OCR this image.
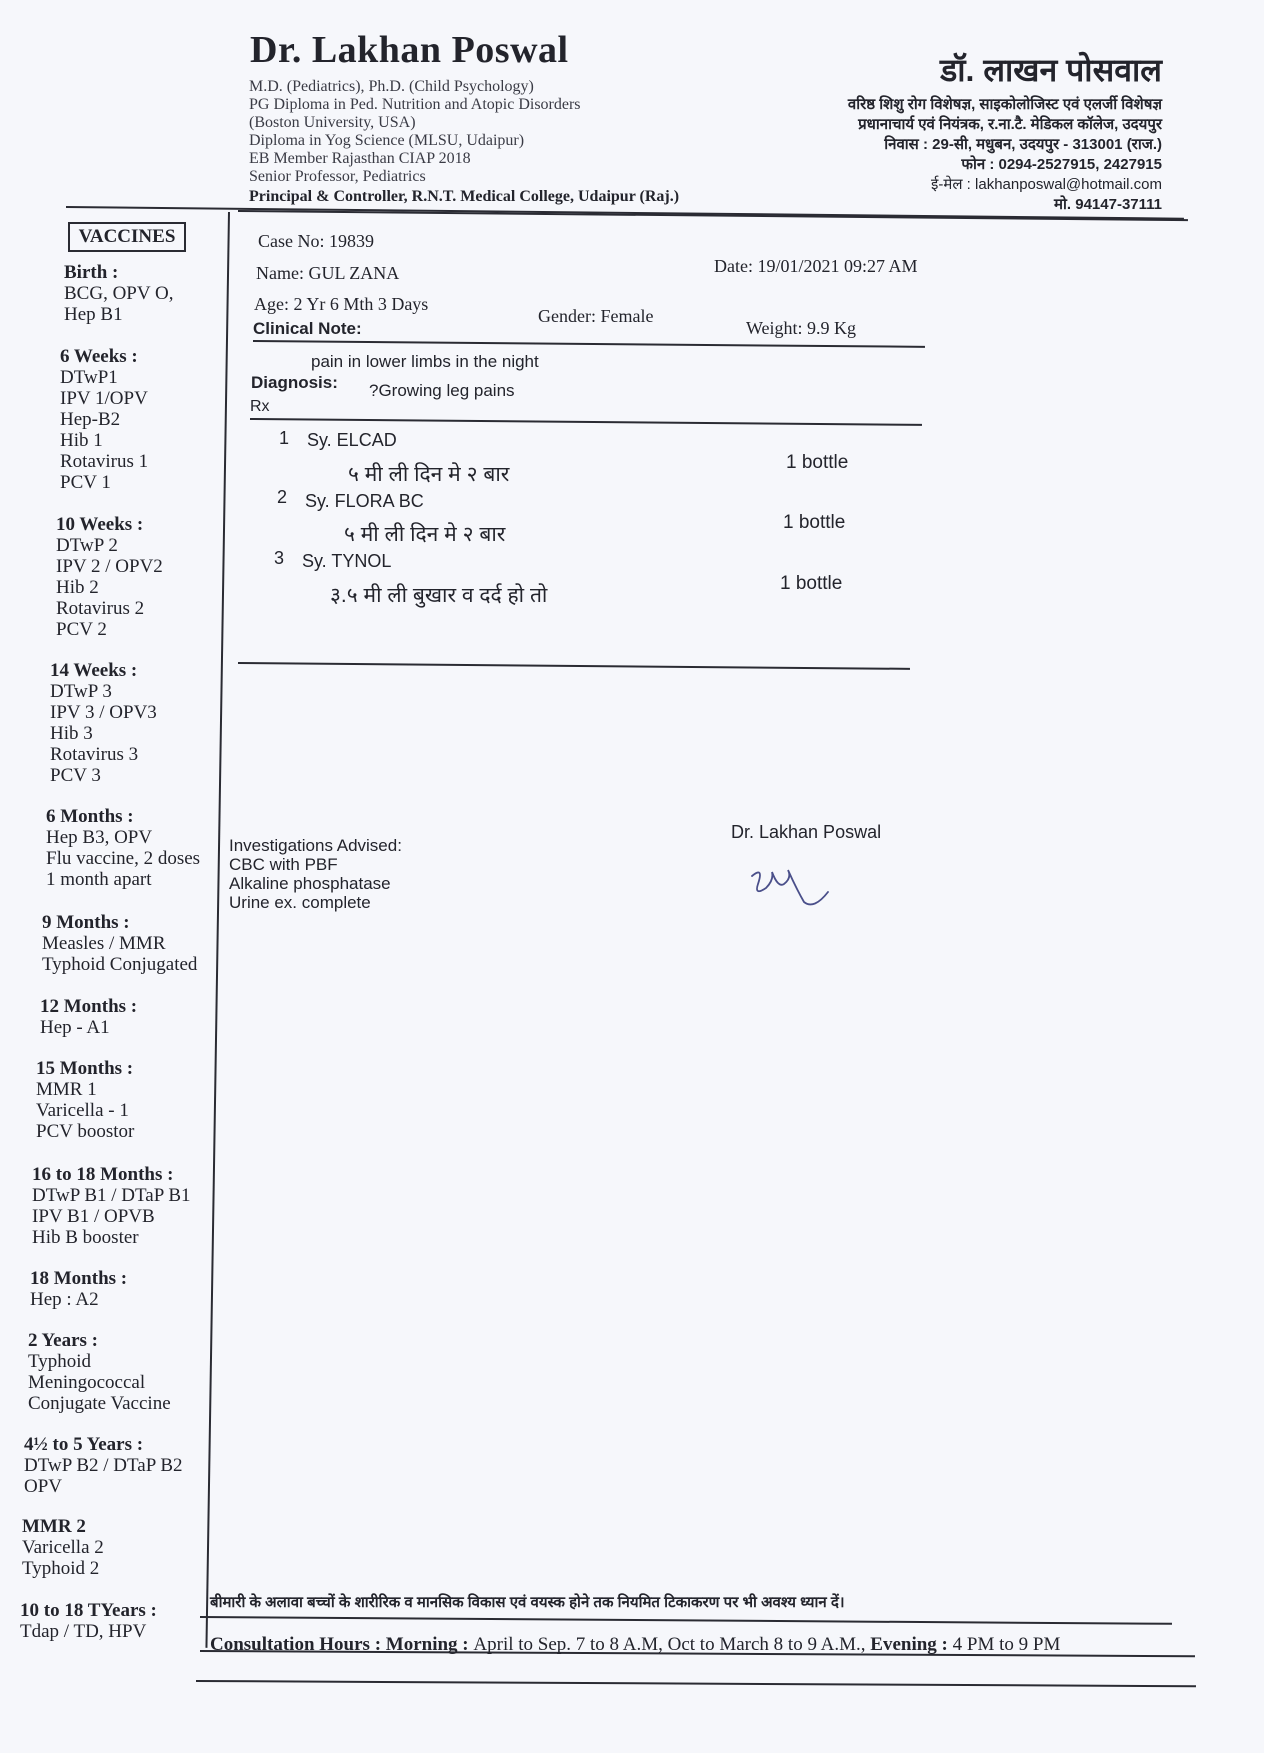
Dr. Lakhan Poswal
M.D. (Pediatrics), Ph.D. (Child Psychology)
PG Diploma in Ped. Nutrition and Atopic Disorders
(Boston University, USA)
Diploma in Yog Science (MLSU, Udaipur)
EB Member Rajasthan CIAP 2018
Senior Professor, Pediatrics
Principal & Controller, R.N.T. Medical College, Udaipur (Raj.)
डॉ. लाखन पोसवाल
वरिष्ठ शिशु रोग विशेषज्ञ, साइकोलोजिस्ट एवं एलर्जी विशेषज्ञ
प्रधानाचार्य एवं नियंत्रक, र.ना.टै. मेडिकल कॉलेज, उदयपुर
निवास : 29-सी, मधुबन, उदयपुर - 313001 (राज.)
फोन : 0294-2527915, 2427915
ई-मेल : lakhanposwal@hotmail.com
मो. 94147-37111
VACCINES
Birth :
BCG, OPV O,
Hep B1
6 Weeks :
DTwP1
IPV 1/OPV
Hep-B2
Hib 1
Rotavirus 1
PCV 1
10 Weeks :
DTwP 2
IPV 2 / OPV2
Hib 2
Rotavirus 2
PCV 2
14 Weeks :
DTwP 3
IPV 3 / OPV3
Hib 3
Rotavirus 3
PCV 3
6 Months :
Hep B3, OPV
Flu vaccine, 2 doses
1 month apart
9 Months :
Measles / MMR
Typhoid Conjugated
12 Months :
Hep - A1
15 Months :
MMR 1
Varicella - 1
PCV boostor
16 to 18 Months :
DTwP B1 / DTaP B1
IPV B1 / OPVB
Hib B booster
18 Months :
Hep : A2
2 Years :
Typhoid
Meningococcal
Conjugate Vaccine
4½ to 5 Years :
DTwP B2 / DTaP B2
OPV
MMR 2
Varicella 2
Typhoid 2
10 to 18 TYears :
Tdap / TD, HPV
Case No: 19839
Date: 19/01/2021 09:27 AM
Name: GUL ZANA
Age: 2 Yr 6 Mth 3 Days
Gender: Female
Weight: 9.9 Kg
Clinical Note:
pain in lower limbs in the night
Diagnosis: ?Growing leg pains
Rx
1 Sy. ELCAD
५ मी ली दिन मे २ बार
1 bottle
2 Sy. FLORA BC
५ मी ली दिन मे २ बार
1 bottle
3 Sy. TYNOL
३.५ मी ली बुखार व दर्द हो तो
1 bottle
Investigations Advised:
CBC with PBF
Alkaline phosphatase
Urine ex. complete
Dr. Lakhan Poswal
बीमारी के अलावा बच्चों के शारीरिक व मानसिक विकास एवं वयस्क होने तक नियमित टिकाकरण पर भी अवश्य ध्यान दें।
Consultation Hours : Morning : April to Sep. 7 to 8 A.M, Oct to March 8 to 9 A.M., Evening : 4 PM to 9 PM
